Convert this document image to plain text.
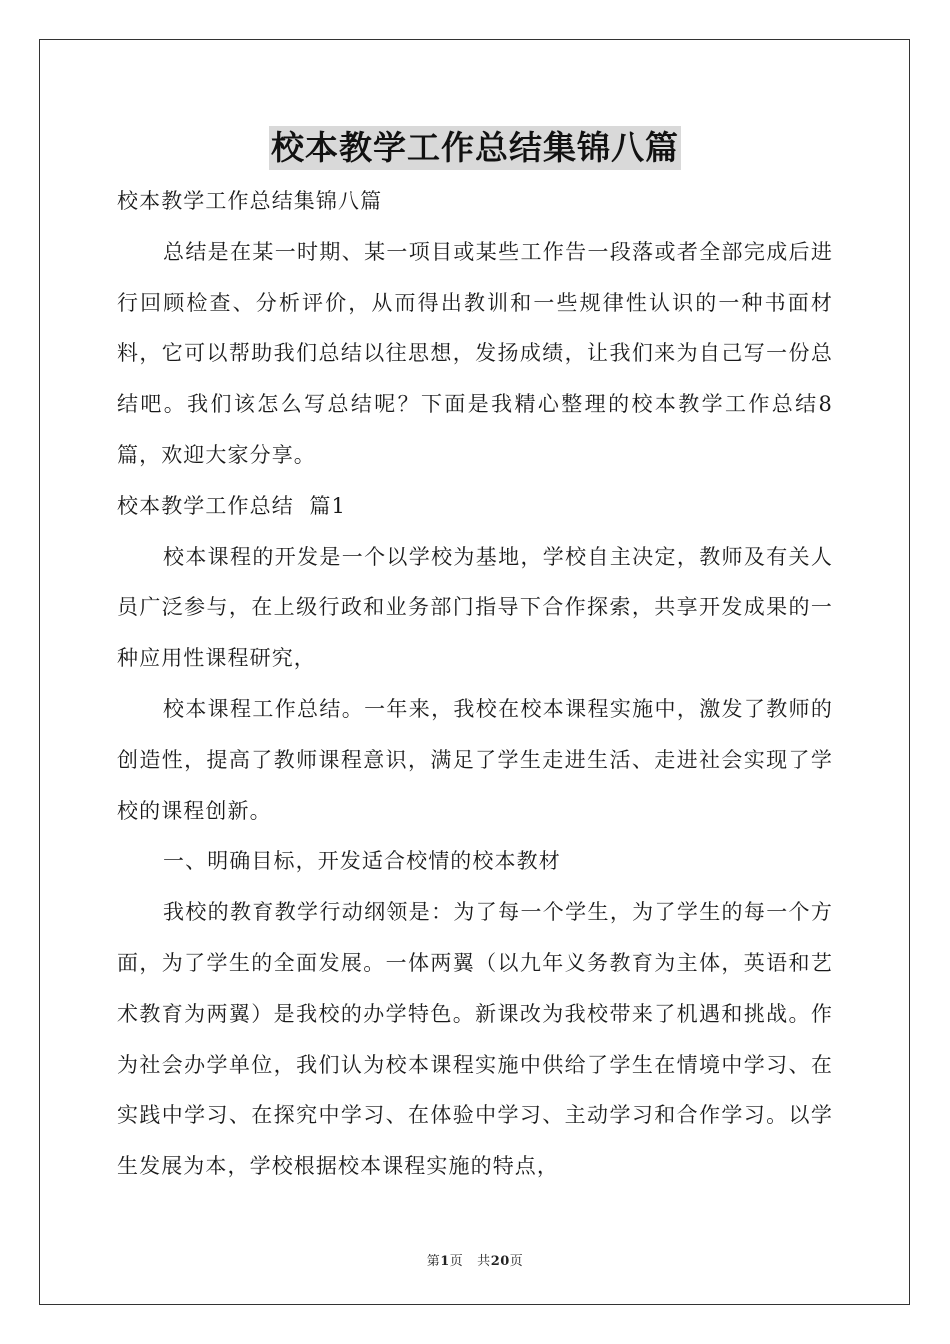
校本教学工作总结集锦八篇

校本教学工作总结集锦八篇

总结是在某一时期、某一项目或某些工作告一段落或者全部完成后进行回顾检查、分析评价，从而得出教训和一些规律性认识的一种书面材料，它可以帮助我们总结以往思想，发扬成绩，让我们来为自己写一份总结吧。我们该怎么写总结呢？下面是我精心整理的校本教学工作总结8篇，欢迎大家分享。

校本教学工作总结  篇1

校本课程的开发是一个以学校为基地，学校自主决定，教师及有关人员广泛参与，在上级行政和业务部门指导下合作探索，共享开发成果的一种应用性课程研究，

校本课程工作总结。一年来，我校在校本课程实施中，激发了教师的创造性，提高了教师课程意识，满足了学生走进生活、走进社会实现了学校的课程创新。

一、明确目标，开发适合校情的校本教材

我校的教育教学行动纲领是：为了每一个学生，为了学生的每一个方面，为了学生的全面发展。一体两翼（以九年义务教育为主体，英语和艺术教育为两翼）是我校的办学特色。新课改为我校带来了机遇和挑战。作为社会办学单位，我们认为校本课程实施中供给了学生在情境中学习、在实践中学习、在探究中学习、在体验中学习、主动学习和合作学习。以学生发展为本，学校根据校本课程实施的特点，

第1页 共20页
